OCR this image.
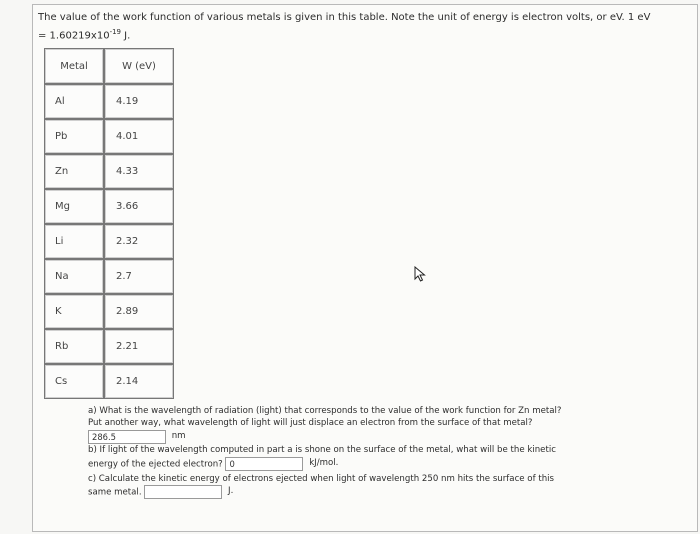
The value of the work function of various metals is given in this table. Note the unit of energy is electron volts, or eV. 1 eV
= $1.60219x10^{-19}$ J.
Metal	W (eV)
Al	4.19
Pb	4.01
Zn	4.33
Mg	3.66
Li	2.32
Na	2.7
K	2.89
Rb	2.21
Cs	2.14
a) What is the wavelength of radiation (light) that corresponds to the value of the work function for Zn metal?
Put another way, what wavelength of light will just displace an electron from the surface of that metal?
286.5	nm
b) If light of the wavelength computed in part a is shone on the surface of the metal, what will be the kinetic
energy of the ejected electron? 0	kJ/mol.
c) Calculate the kinetic energy of electrons ejected when light of wavelength 250 nm hits the surface of this
same metal.	J.
